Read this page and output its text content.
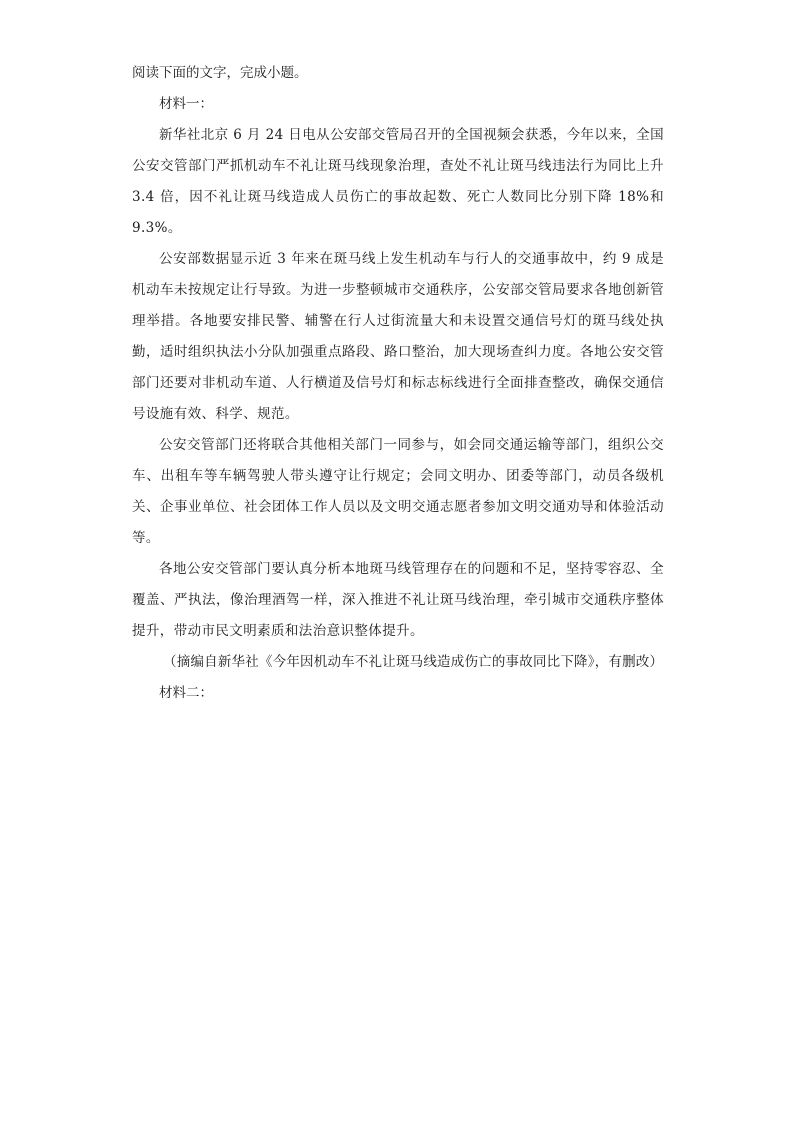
阅读下面的文字，完成小题。

材料一：

新华社北京 6 月 24 日电从公安部交管局召开的全国视频会获悉，今年以来，全国公安交管部门严抓机动车不礼让斑马线现象治理，查处不礼让斑马线违法行为同比上升 3.4 倍，因不礼让斑马线造成人员伤亡的事故起数、死亡人数同比分别下降 18%和 9.3%。

公安部数据显示近 3 年来在斑马线上发生机动车与行人的交通事故中，约 9 成是机动车未按规定让行导致。为进一步整顿城市交通秩序，公安部交管局要求各地创新管理举措。各地要安排民警、辅警在行人过街流量大和未设置交通信号灯的斑马线处执勤，适时组织执法小分队加强重点路段、路口整治，加大现场查纠力度。各地公安交管部门还要对非机动车道、人行横道及信号灯和标志标线进行全面排查整改，确保交通信号设施有效、科学、规范。

公安交管部门还将联合其他相关部门一同参与，如会同交通运输等部门，组织公交车、出租车等车辆驾驶人带头遵守让行规定；会同文明办、团委等部门，动员各级机关、企事业单位、社会团体工作人员以及文明交通志愿者参加文明交通劝导和体验活动等。

各地公安交管部门要认真分析本地斑马线管理存在的问题和不足，坚持零容忍、全覆盖、严执法，像治理酒驾一样，深入推进不礼让斑马线治理，牵引城市交通秩序整体提升，带动市民文明素质和法治意识整体提升。

（摘编自新华社《今年因机动车不礼让斑马线造成伤亡的事故同比下降》，有删改）

材料二：
